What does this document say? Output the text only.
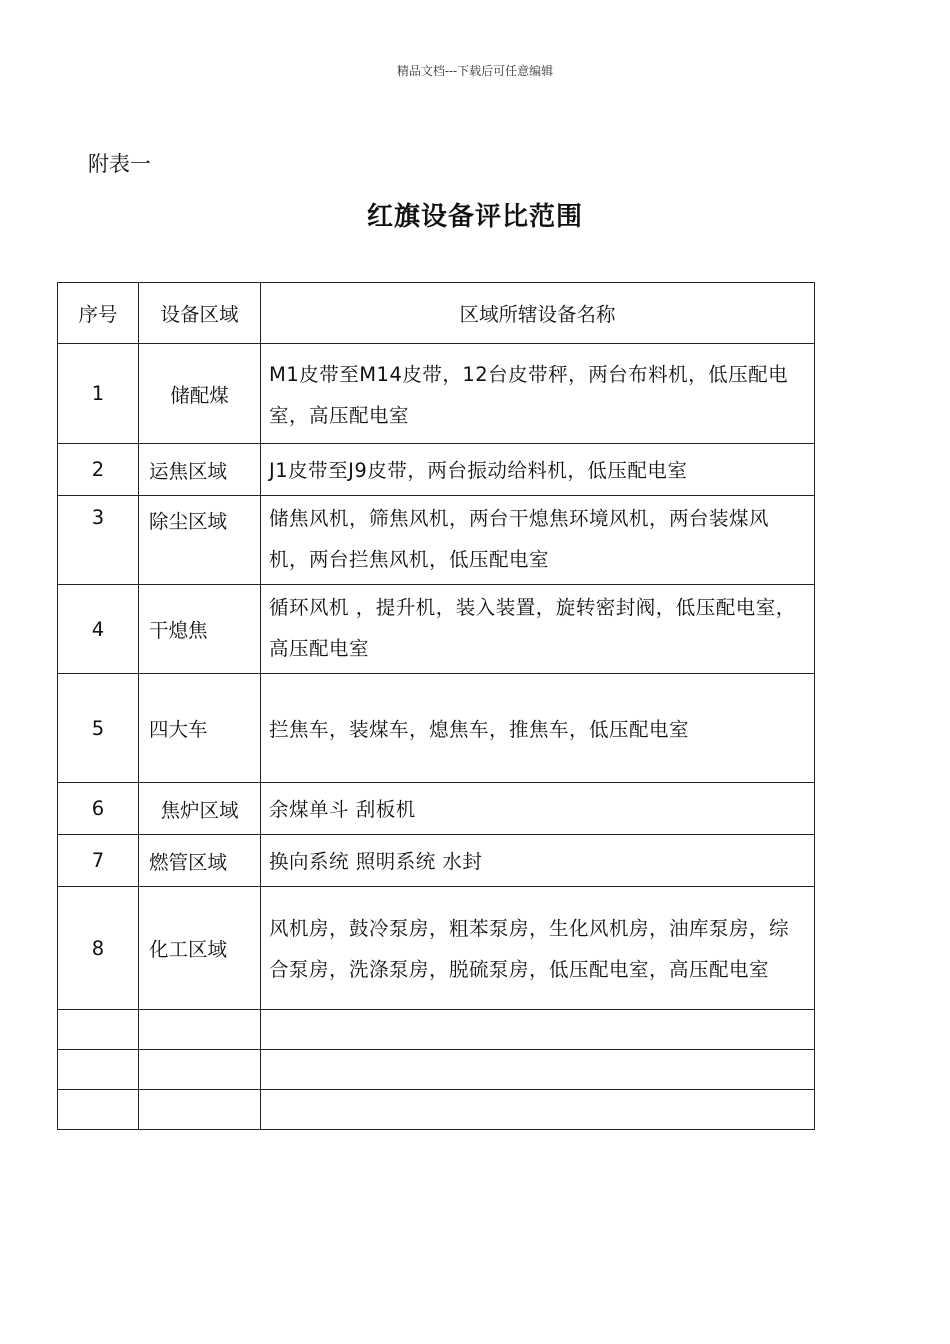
精品文档---下载后可任意编辑
附表一
红旗设备评比范围
序号	设备区域	区域所辖设备名称
1	储配煤	M1皮带至M14皮带，12台皮带秤，两台布料机，低压配电室，高压配电室
2	运焦区域	J1皮带至J9皮带，两台振动给料机，低压配电室
3	除尘区域	储焦风机，筛焦风机，两台干熄焦环境风机，两台装煤风机，两台拦焦风机，低压配电室
4	干熄焦	循环风机 ，提升机，装入装置，旋转密封阀，低压配电室，高压配电室
5	四大车	拦焦车，装煤车，熄焦车，推焦车，低压配电室
6	焦炉区域	余煤单斗 刮板机
7	燃管区域	换向系统 照明系统 水封
8	化工区域	风机房，鼓冷泵房，粗苯泵房，生化风机房，油库泵房，综合泵房，洗涤泵房，脱硫泵房，低压配电室，高压配电室
